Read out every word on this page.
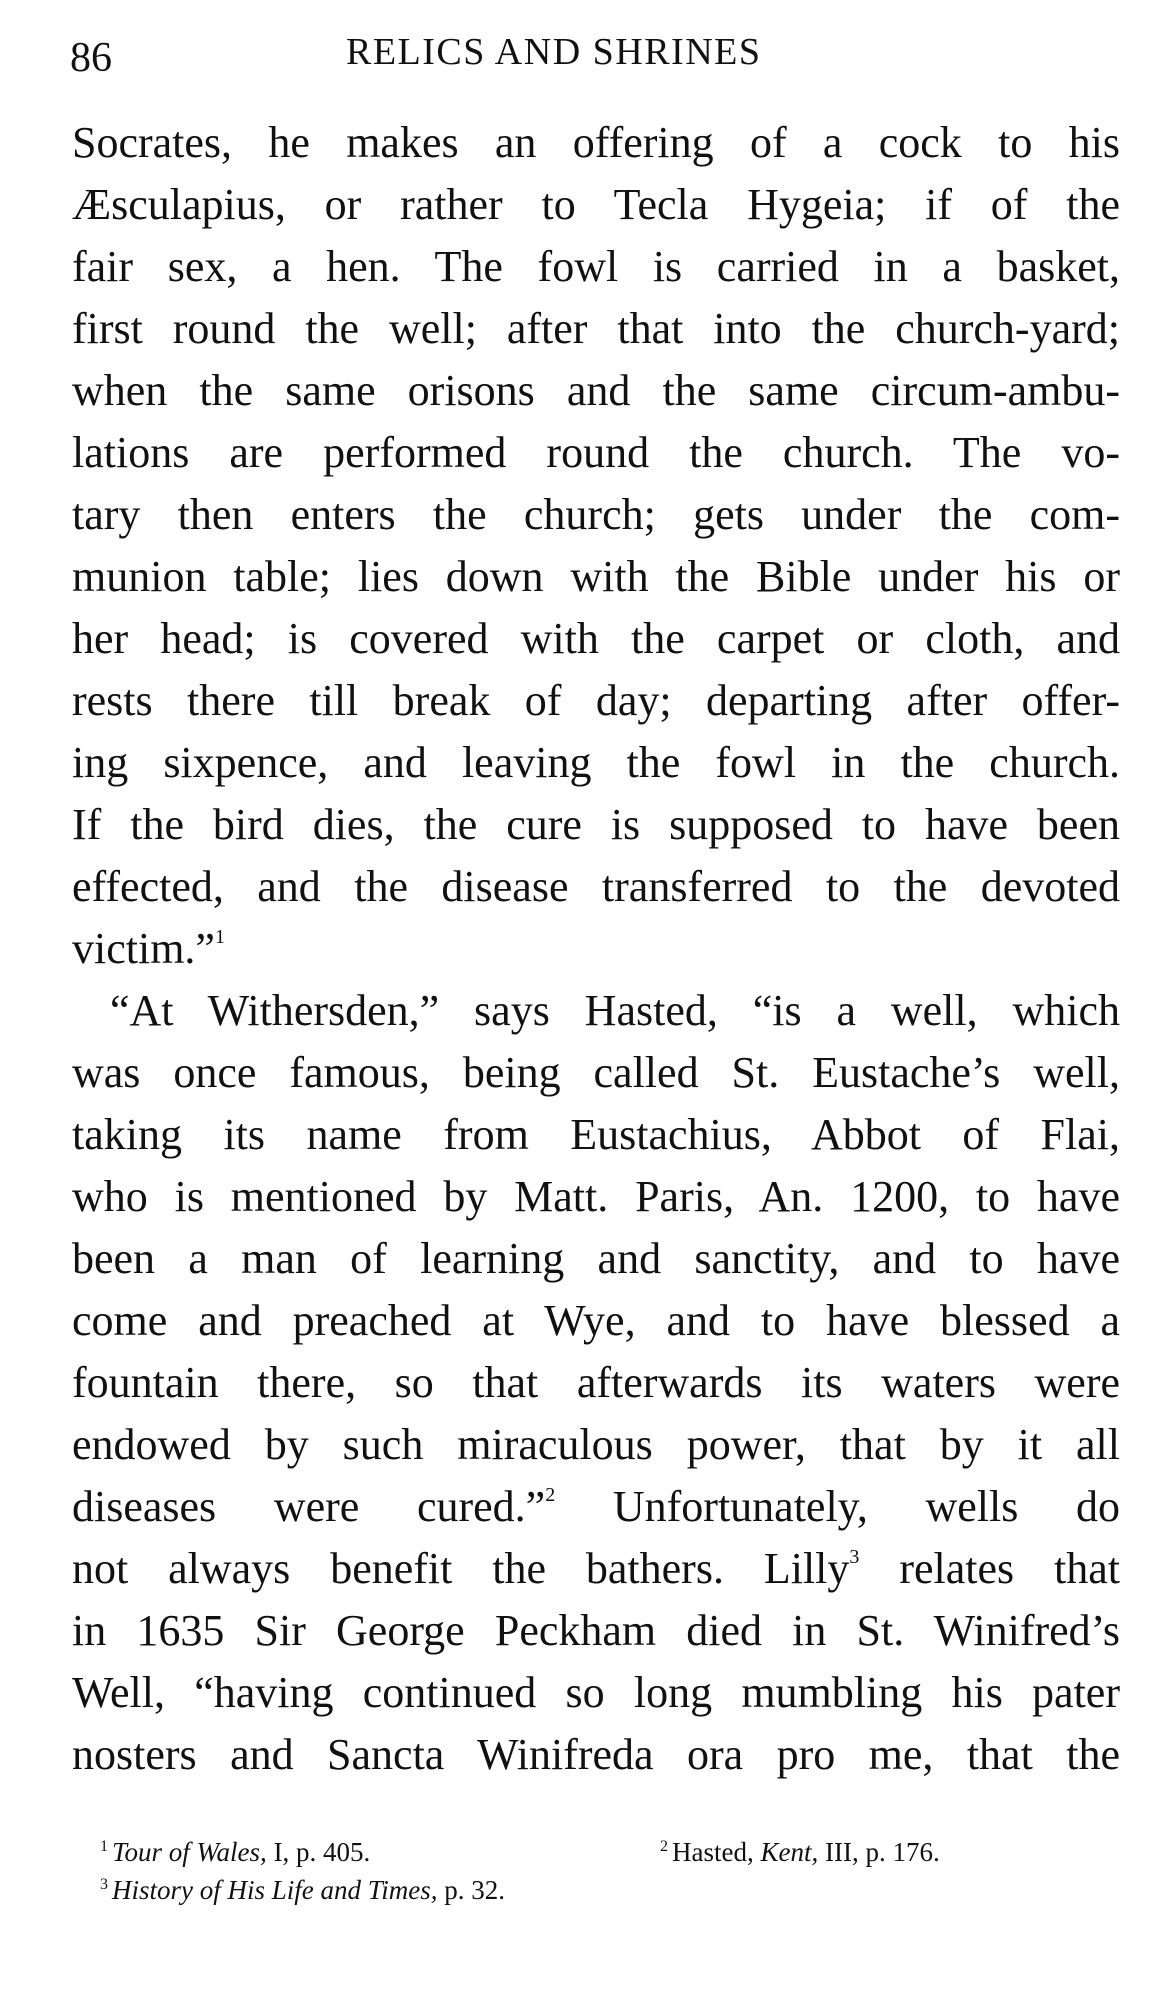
86	RELICS AND SHRINES
Socrates, he makes an offering of a cock to his
Æsculapius, or rather to Tecla Hygeia; if of the
fair sex, a hen. The fowl is carried in a basket,
first round the well; after that into the church-yard;
when the same orisons and the same circum-ambu-
lations are performed round the church. The vo-
tary then enters the church; gets under the com-
munion table; lies down with the Bible under his or
her head; is covered with the carpet or cloth, and
rests there till break of day; departing after offer-
ing sixpence, and leaving the fowl in the church.
If the bird dies, the cure is supposed to have been
effected, and the disease transferred to the devoted
victim.”$^1$
“At Withersden,” says Hasted, “is a well, which
was once famous, being called St. Eustache’s well,
taking its name from Eustachius, Abbot of Flai,
who is mentioned by Matt. Paris, An. 1200, to have
been a man of learning and sanctity, and to have
come and preached at Wye, and to have blessed a
fountain there, so that afterwards its waters were
endowed by such miraculous power, that by it all
diseases were cured.”$^2$ Unfortunately, wells do
not always benefit the bathers. Lilly$^3$ relates that
in 1635 Sir George Peckham died in St. Winifred’s
Well, “having continued so long mumbling his pater
nosters and Sancta Winifreda ora pro me, that the
$^1$ Tour of Wales, I, p. 405.	$^2$ Hasted, Kent, III, p. 176.
$^3$ History of His Life and Times, p. 32.
